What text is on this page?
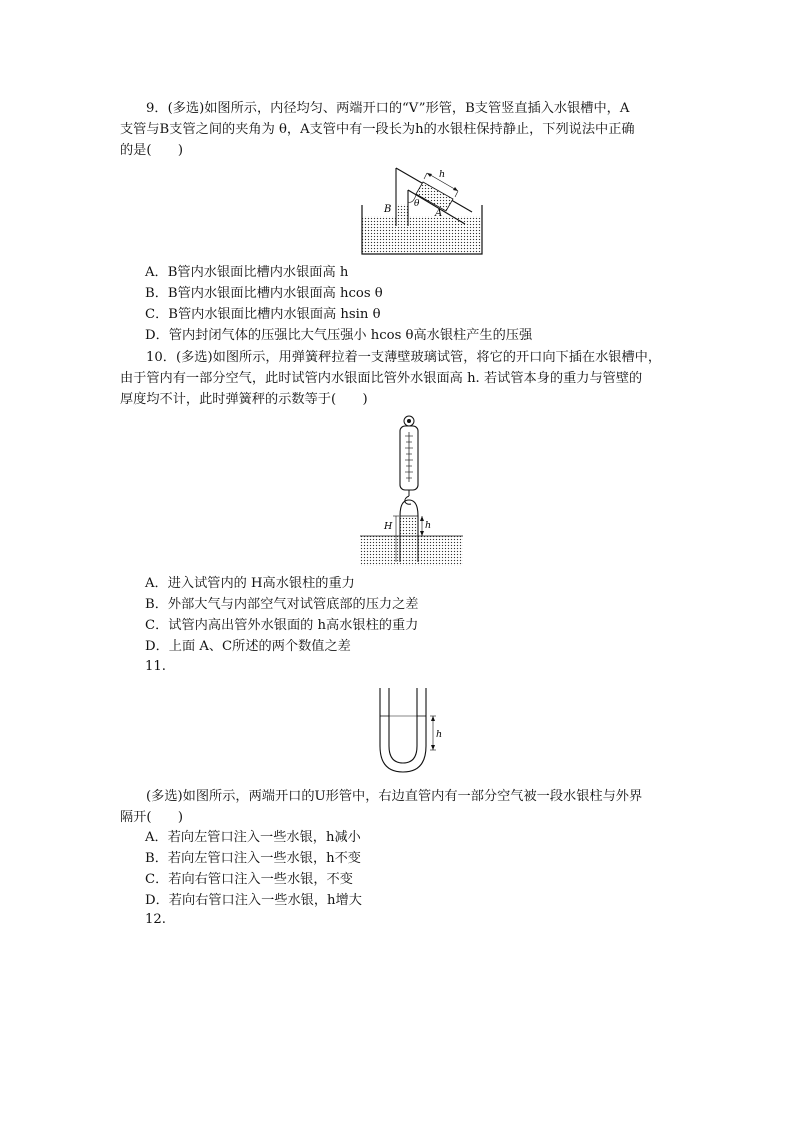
9．(多选)如图所示，内径均匀、两端开口的“V”形管，B支管竖直插入水银槽中，A
支管与B支管之间的夹角为 θ，A支管中有一段长为h的水银柱保持静止，下列说法中正确
的是(　　)
h
θ
B	A
A．B管内水银面比槽内水银面高 h
B．B管内水银面比槽内水银面高 hcos θ
C．B管内水银面比槽内水银面高 hsin θ
D．管内封闭气体的压强比大气压强小 hcos θ高水银柱产生的压强
10．(多选)如图所示，用弹簧秤拉着一支薄壁玻璃试管，将它的开口向下插在水银槽中，
由于管内有一部分空气，此时试管内水银面比管外水银面高 h. 若试管本身的重力与管壁的
厚度均不计，此时弹簧秤的示数等于(　　)
H	h
A．进入试管内的 H高水银柱的重力
B．外部大气与内部空气对试管底部的压力之差
C．试管内高出管外水银面的 h高水银柱的重力
D．上面 A、C所述的两个数值之差
11.
h
(多选)如图所示，两端开口的U形管中，右边直管内有一部分空气被一段水银柱与外界
隔开(　　)
A．若向左管口注入一些水银，h减小
B．若向左管口注入一些水银，h不变
C．若向右管口注入一些水银，不变
D．若向右管口注入一些水银，h增大
12.
